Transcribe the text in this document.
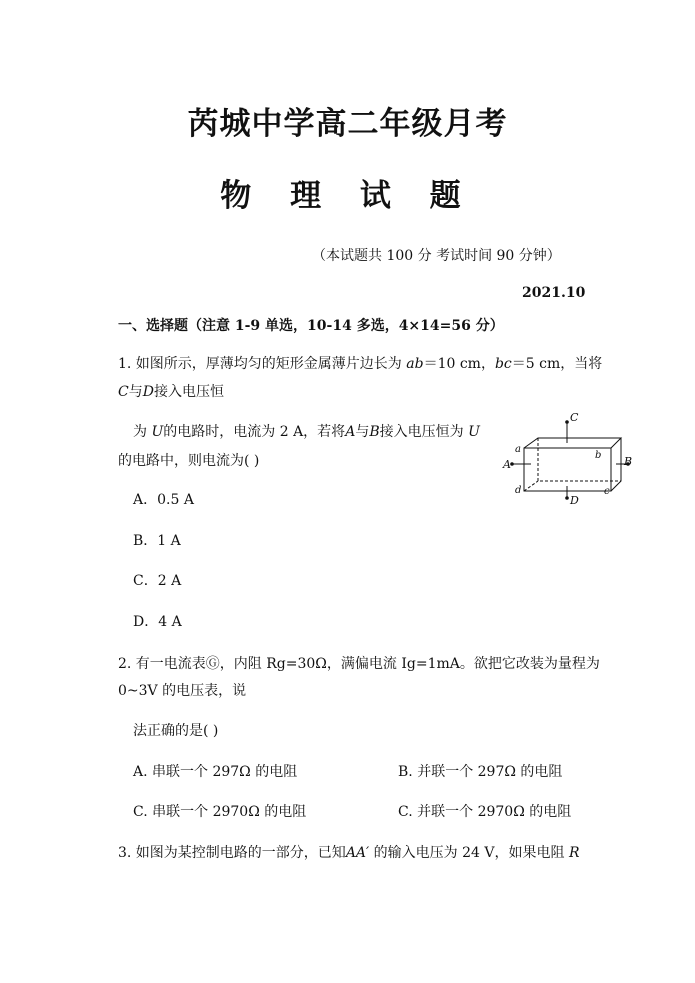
芮城中学高二年级月考
物 理 试 题
（本试题共 100 分 考试时间 90 分钟）
2021.10
一、选择题（注意 1-9 单选，10-14 多选，4×14=56 分）
1. 如图所示，厚薄均匀的矩形金属薄片边长为 ab＝10 cm，bc＝5 cm，当将
C与D接入电压恒
为 U的电路时，电流为 2 A，若将A与B接入电压恒为 U
的电路中，则电流为( )
A．0.5 A
B．1 A
C．2 A
D．4 A
C
D
A	B
a
b
c
d
2. 有一电流表Ⓖ，内阻 Rg=30Ω，满偏电流 Ig=1mA。欲把它改装为量程为
0~3V 的电压表，说
法正确的是( )
A. 串联一个 297Ω 的电阻	B. 并联一个 297Ω 的电阻
C. 串联一个 2970Ω 的电阻	C. 并联一个 2970Ω 的电阻
3. 如图为某控制电路的一部分，已知AA′ 的输入电压为 24 V，如果电阻 R
